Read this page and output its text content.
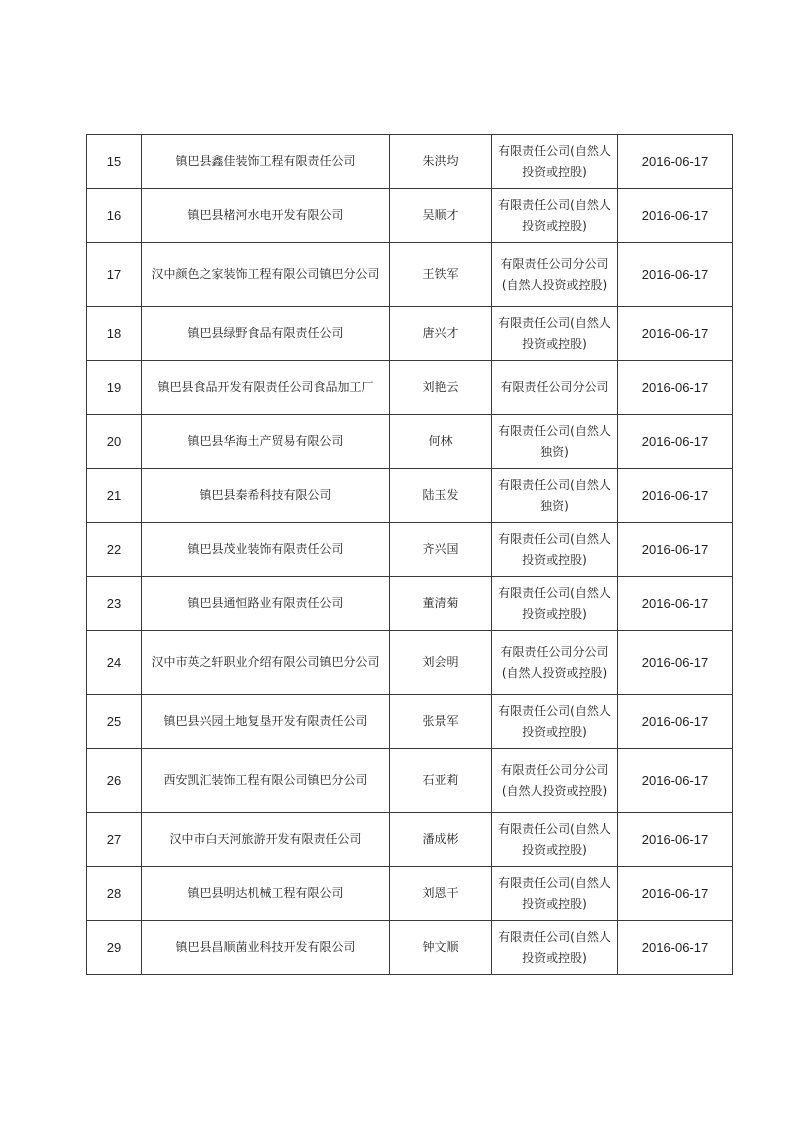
15	镇巴县鑫佳装饰工程有限责任公司	朱洪均	有限责任公司(自然人投资或控股)	2016-06-17
16	镇巴县楮河水电开发有限公司	吴顺才	有限责任公司(自然人投资或控股)	2016-06-17
17	汉中颜色之家装饰工程有限公司镇巴分公司	王铁军	有限责任公司分公司(自然人投资或控股)	2016-06-17
18	镇巴县绿野食品有限责任公司	唐兴才	有限责任公司(自然人投资或控股)	2016-06-17
19	镇巴县食品开发有限责任公司食品加工厂	刘艳云	有限责任公司分公司	2016-06-17
20	镇巴县华海土产贸易有限公司	何林	有限责任公司(自然人独资)	2016-06-17
21	镇巴县秦希科技有限公司	陆玉发	有限责任公司(自然人独资)	2016-06-17
22	镇巴县茂业装饰有限责任公司	齐兴国	有限责任公司(自然人投资或控股)	2016-06-17
23	镇巴县通恒路业有限责任公司	董清菊	有限责任公司(自然人投资或控股)	2016-06-17
24	汉中市英之轩职业介绍有限公司镇巴分公司	刘会明	有限责任公司分公司(自然人投资或控股)	2016-06-17
25	镇巴县兴园土地复垦开发有限责任公司	张景军	有限责任公司(自然人投资或控股)	2016-06-17
26	西安凯汇装饰工程有限公司镇巴分公司	石亚莉	有限责任公司分公司(自然人投资或控股)	2016-06-17
27	汉中市白天河旅游开发有限责任公司	潘成彬	有限责任公司(自然人投资或控股)	2016-06-17
28	镇巴县明达机械工程有限公司	刘恩干	有限责任公司(自然人投资或控股)	2016-06-17
29	镇巴县昌顺菌业科技开发有限公司	钟文顺	有限责任公司(自然人投资或控股)	2016-06-17
